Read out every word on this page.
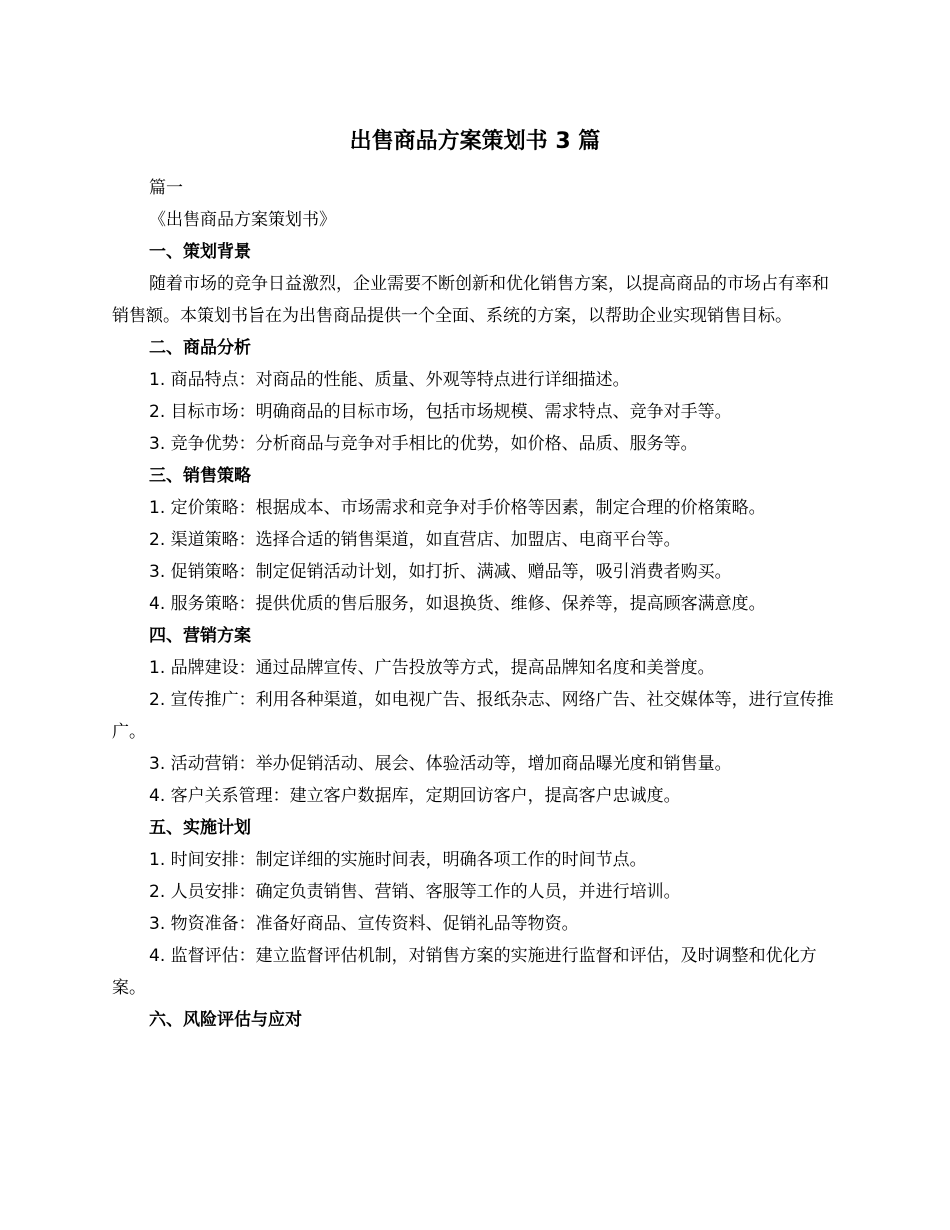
出售商品方案策划书 3 篇

篇一

《出售商品方案策划书》

一、策划背景

随着市场的竞争日益激烈，企业需要不断创新和优化销售方案，以提高商品的市场占有率和销售额。本策划书旨在为出售商品提供一个全面、系统的方案，以帮助企业实现销售目标。

二、商品分析

1. 商品特点：对商品的性能、质量、外观等特点进行详细描述。

2. 目标市场：明确商品的目标市场，包括市场规模、需求特点、竞争对手等。

3. 竞争优势：分析商品与竞争对手相比的优势，如价格、品质、服务等。

三、销售策略

1. 定价策略：根据成本、市场需求和竞争对手价格等因素，制定合理的价格策略。

2. 渠道策略：选择合适的销售渠道，如直营店、加盟店、电商平台等。

3. 促销策略：制定促销活动计划，如打折、满减、赠品等，吸引消费者购买。

4. 服务策略：提供优质的售后服务，如退换货、维修、保养等，提高顾客满意度。

四、营销方案

1. 品牌建设：通过品牌宣传、广告投放等方式，提高品牌知名度和美誉度。

2. 宣传推广：利用各种渠道，如电视广告、报纸杂志、网络广告、社交媒体等，进行宣传推广。

3. 活动营销：举办促销活动、展会、体验活动等，增加商品曝光度和销售量。

4. 客户关系管理：建立客户数据库，定期回访客户，提高客户忠诚度。

五、实施计划

1. 时间安排：制定详细的实施时间表，明确各项工作的时间节点。

2. 人员安排：确定负责销售、营销、客服等工作的人员，并进行培训。

3. 物资准备：准备好商品、宣传资料、促销礼品等物资。

4. 监督评估：建立监督评估机制，对销售方案的实施进行监督和评估，及时调整和优化方案。

六、风险评估与应对
